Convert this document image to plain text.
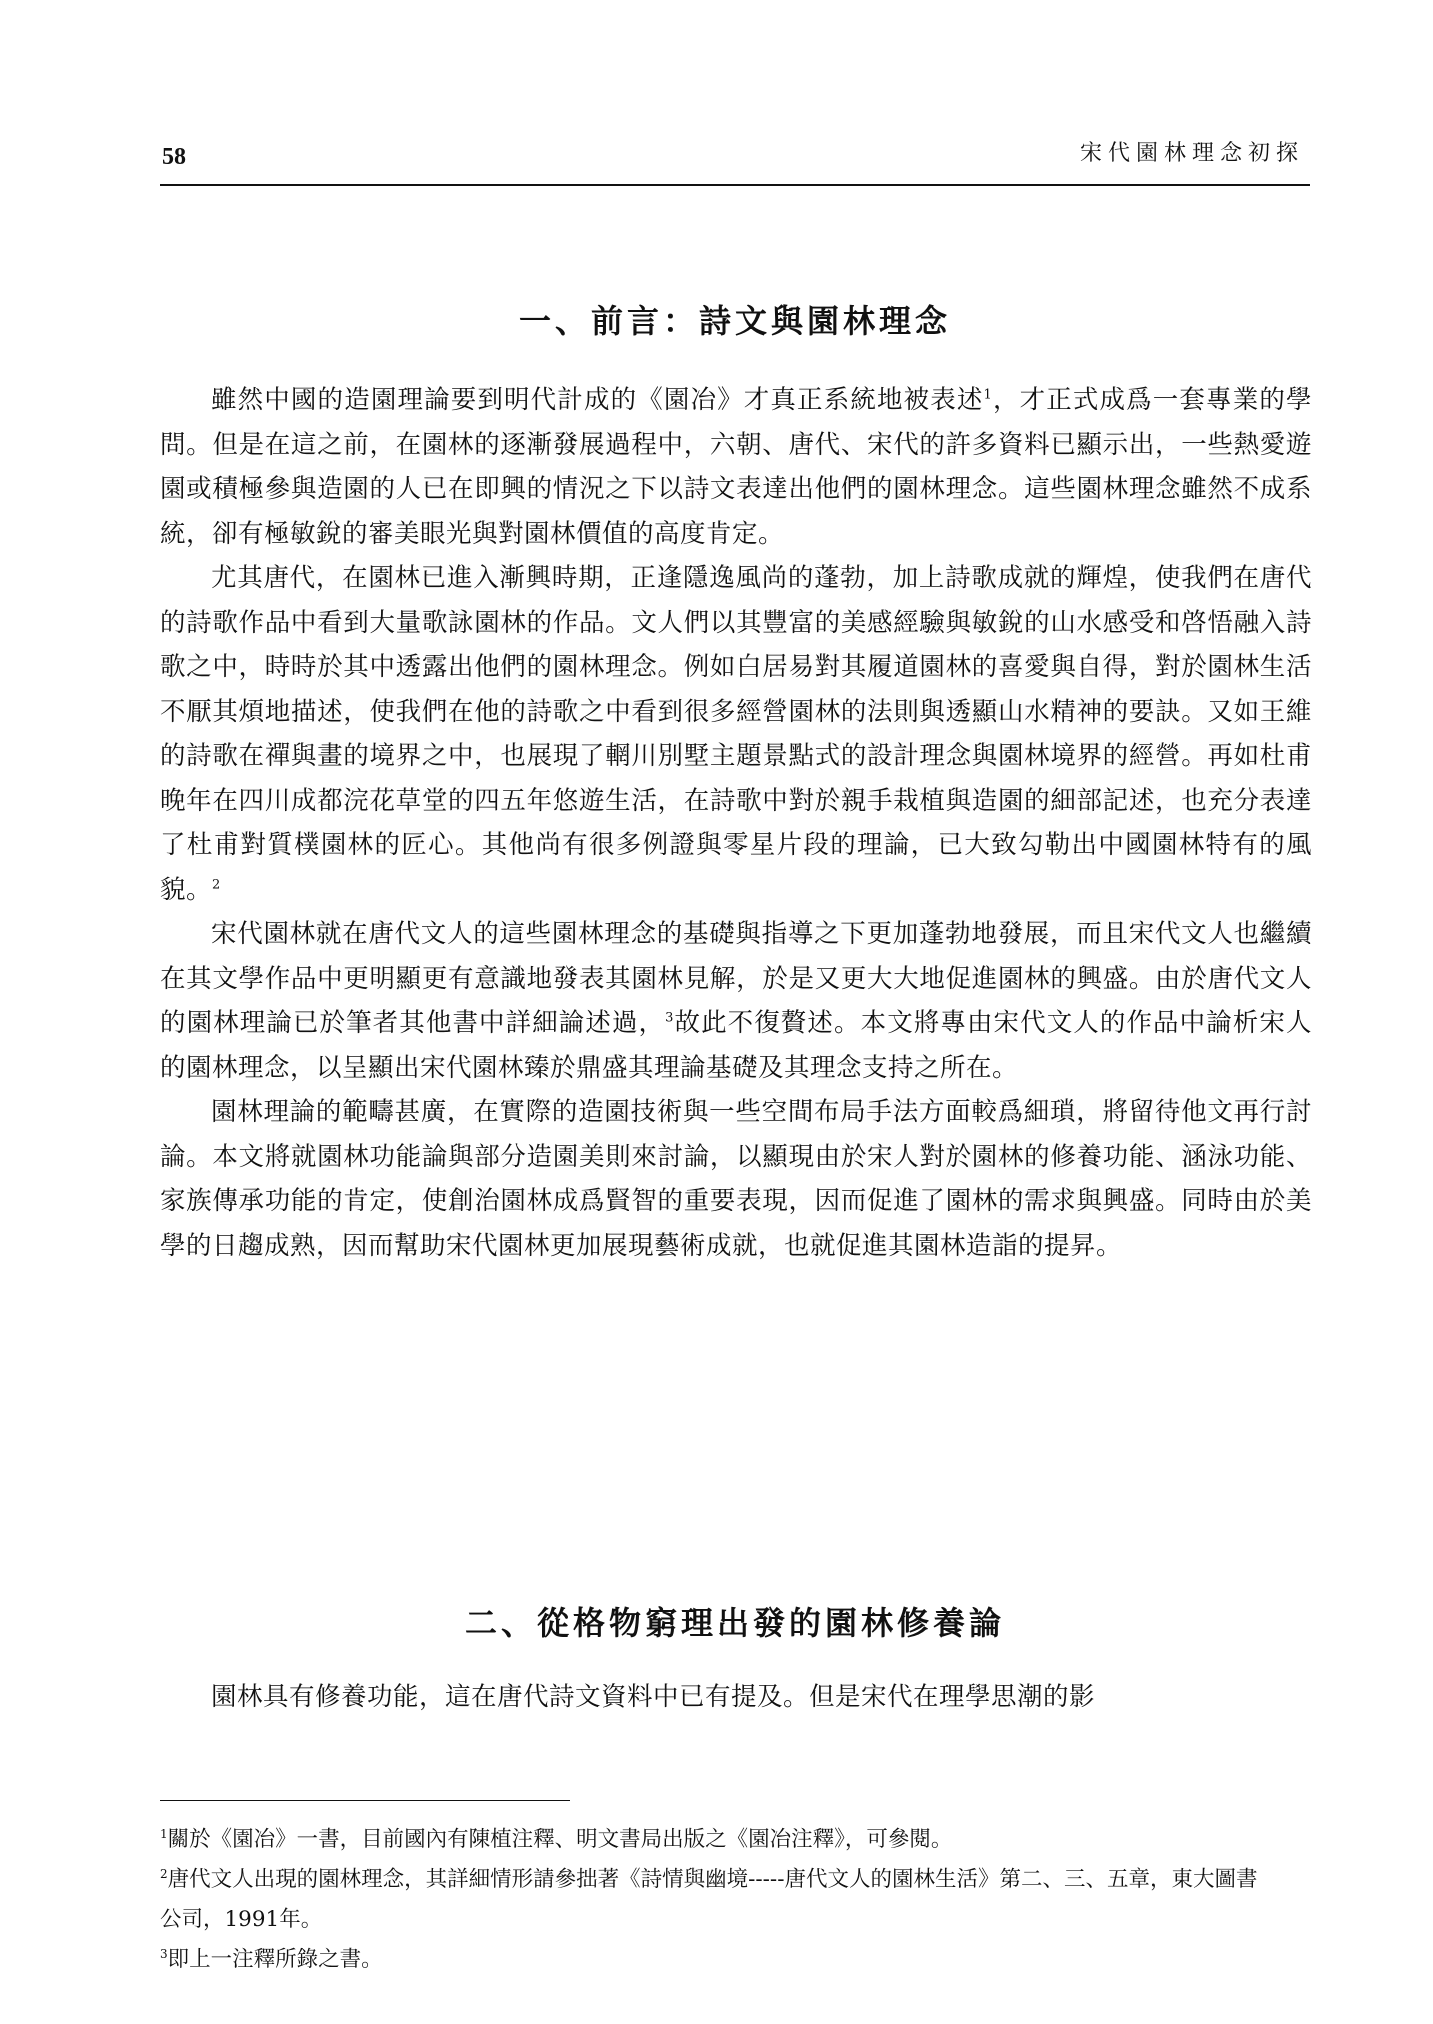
58	宋代園林理念初探
一、前言：詩文與園林理念

雖然中國的造園理論要到明代計成的《園冶》才真正系統地被表述$^1$，才正式成爲一套專業的學問。但是在這之前，在園林的逐漸發展過程中，六朝、唐代、宋代的許多資料已顯示出，一些熱愛遊園或積極參與造園的人已在即興的情況之下以詩文表達出他們的園林理念。這些園林理念雖然不成系統，卻有極敏銳的審美眼光與對園林價值的高度肯定。

尤其唐代，在園林已進入漸興時期，正逢隱逸風尚的蓬勃，加上詩歌成就的輝煌，使我們在唐代的詩歌作品中看到大量歌詠園林的作品。文人們以其豐富的美感經驗與敏銳的山水感受和啓悟融入詩歌之中，時時於其中透露出他們的園林理念。例如白居易對其履道園林的喜愛與自得，對於園林生活不厭其煩地描述，使我們在他的詩歌之中看到很多經營園林的法則與透顯山水精神的要訣。又如王維的詩歌在禪與畫的境界之中，也展現了輞川別墅主題景點式的設計理念與園林境界的經營。再如杜甫晚年在四川成都浣花草堂的四五年悠遊生活，在詩歌中對於親手栽植與造園的細部記述，也充分表達了杜甫對質樸園林的匠心。其他尚有很多例證與零星片段的理論，已大致勾勒出中國園林特有的風貌。$^2$

宋代園林就在唐代文人的這些園林理念的基礎與指導之下更加蓬勃地發展，而且宋代文人也繼續在其文學作品中更明顯更有意識地發表其園林見解，於是又更大大地促進園林的興盛。由於唐代文人的園林理論已於筆者其他書中詳細論述過，$^3$故此不復贅述。本文將專由宋代文人的作品中論析宋人的園林理念，以呈顯出宋代園林臻於鼎盛其理論基礎及其理念支持之所在。

園林理論的範疇甚廣，在實際的造園技術與一些空間布局手法方面較爲細瑣，將留待他文再行討論。本文將就園林功能論與部分造園美則來討論，以顯現由於宋人對於園林的修養功能、涵泳功能、家族傳承功能的肯定，使創治園林成爲賢智的重要表現，因而促進了園林的需求與興盛。同時由於美學的日趨成熟，因而幫助宋代園林更加展現藝術成就，也就促進其園林造詣的提昇。

二、從格物窮理出發的園林修養論

園林具有修養功能，這在唐代詩文資料中已有提及。但是宋代在理學思潮的影

$^1$關於《園冶》一書，目前國內有陳植注釋、明文書局出版之《園冶注釋》，可參閱。

$^2$唐代文人出現的園林理念，其詳細情形請參拙著《詩情與幽境-----唐代文人的園林生活》第二、三、五章，東大圖書公司，1991年。

$^3$即上一注釋所錄之書。
